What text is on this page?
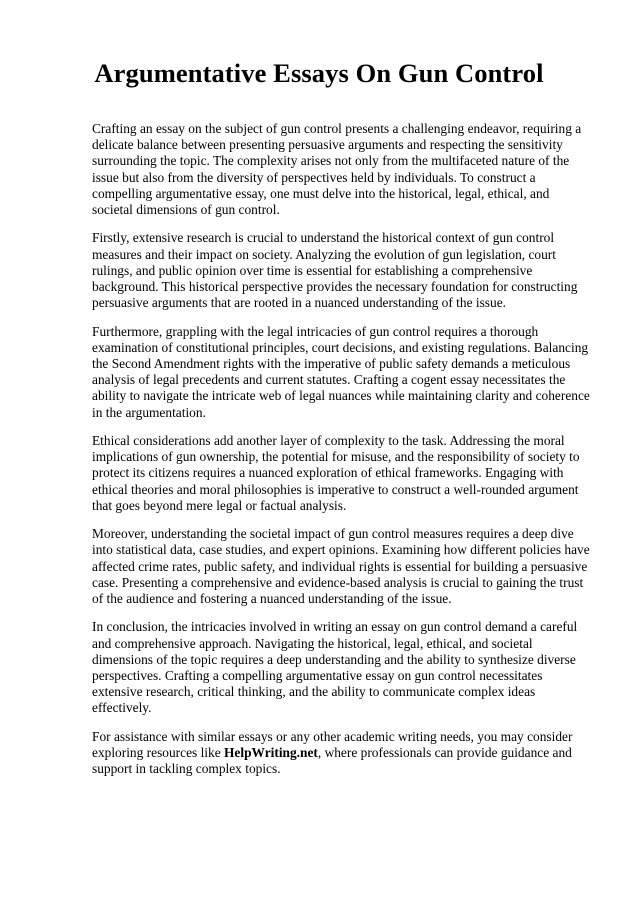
Argumentative Essays On Gun Control

Crafting an essay on the subject of gun control presents a challenging endeavor, requiring a delicate balance between presenting persuasive arguments and respecting the sensitivity surrounding the topic. The complexity arises not only from the multifaceted nature of the issue but also from the diversity of perspectives held by individuals. To construct a compelling argumentative essay, one must delve into the historical, legal, ethical, and societal dimensions of gun control.

Firstly, extensive research is crucial to understand the historical context of gun control measures and their impact on society. Analyzing the evolution of gun legislation, court rulings, and public opinion over time is essential for establishing a comprehensive background. This historical perspective provides the necessary foundation for constructing persuasive arguments that are rooted in a nuanced understanding of the issue.

Furthermore, grappling with the legal intricacies of gun control requires a thorough examination of constitutional principles, court decisions, and existing regulations. Balancing the Second Amendment rights with the imperative of public safety demands a meticulous analysis of legal precedents and current statutes. Crafting a cogent essay necessitates the ability to navigate the intricate web of legal nuances while maintaining clarity and coherence in the argumentation.

Ethical considerations add another layer of complexity to the task. Addressing the moral implications of gun ownership, the potential for misuse, and the responsibility of society to protect its citizens requires a nuanced exploration of ethical frameworks. Engaging with ethical theories and moral philosophies is imperative to construct a well-rounded argument that goes beyond mere legal or factual analysis.

Moreover, understanding the societal impact of gun control measures requires a deep dive into statistical data, case studies, and expert opinions. Examining how different policies have affected crime rates, public safety, and individual rights is essential for building a persuasive case. Presenting a comprehensive and evidence-based analysis is crucial to gaining the trust of the audience and fostering a nuanced understanding of the issue.

In conclusion, the intricacies involved in writing an essay on gun control demand a careful and comprehensive approach. Navigating the historical, legal, ethical, and societal dimensions of the topic requires a deep understanding and the ability to synthesize diverse perspectives. Crafting a compelling argumentative essay on gun control necessitates extensive research, critical thinking, and the ability to communicate complex ideas effectively.

For assistance with similar essays or any other academic writing needs, you may consider exploring resources like HelpWriting.net, where professionals can provide guidance and support in tackling complex topics.
